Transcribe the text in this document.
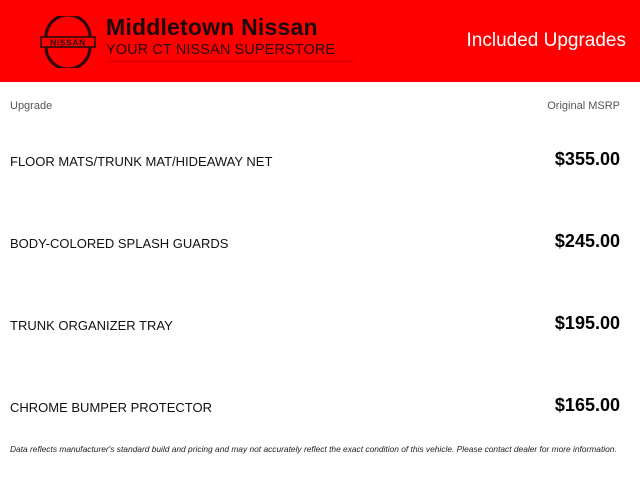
NISSAN
Middletown Nissan
YOUR CT NISSAN SUPERSTORE	Included Upgrades
Upgrade	Original MSRP
FLOOR MATS/TRUNK MAT/HIDEAWAY NET	$355.00
BODY-COLORED SPLASH GUARDS	$245.00
TRUNK ORGANIZER TRAY	$195.00
CHROME BUMPER PROTECTOR	$165.00
Data reflects manufacturer's standard build and pricing and may not accurately reflect the exact condition of this vehicle. Please contact dealer for more information.
